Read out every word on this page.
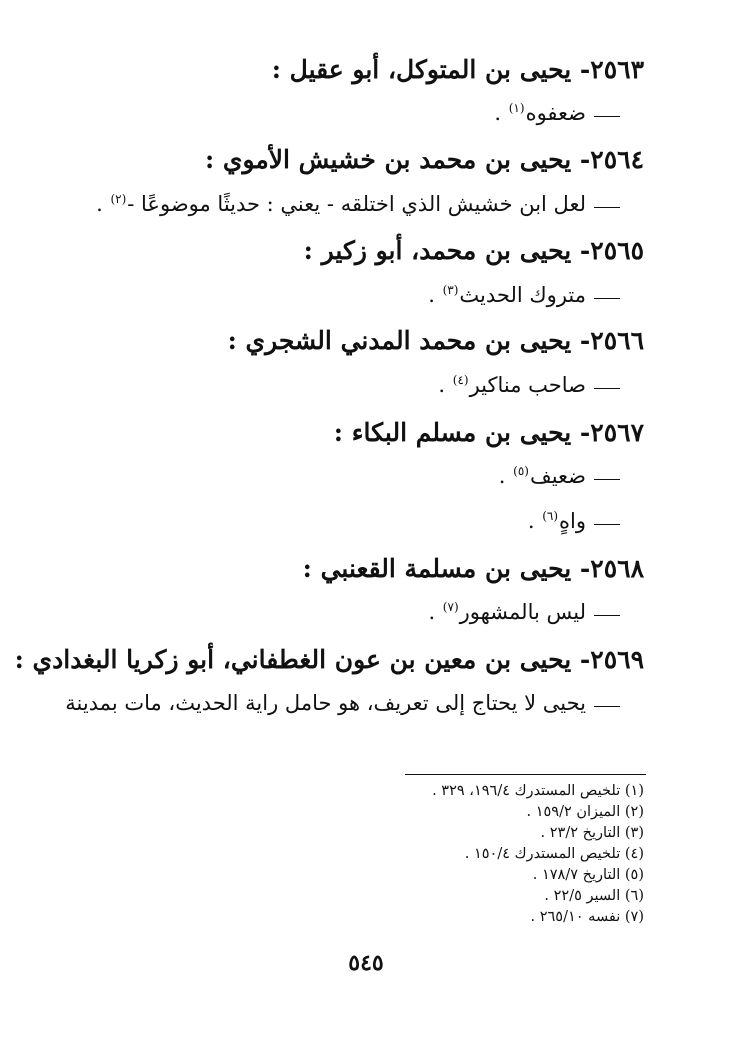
٢٥٦٣- يحيى بن المتوكل، أبو عقيل :
ضعفوه$^{(١)}$ .
٢٥٦٤- يحيى بن محمد بن خشيش الأموي :
لعل ابن خشيش الذي اختلقه - يعني : حديثًا موضوعًا -$^{(٢)}$ .
٢٥٦٥- يحيى بن محمد، أبو زكير :
متروك الحديث$^{(٣)}$ .
٢٥٦٦- يحيى بن محمد المدني الشجري :
صاحب مناكير$^{(٤)}$ .
٢٥٦٧- يحيى بن مسلم البكاء :
ضعيف$^{(٥)}$ .
واهٍ$^{(٦)}$ .
٢٥٦٨- يحيى بن مسلمة القعنبي :
ليس بالمشهور$^{(٧)}$ .
٢٥٦٩- يحيى بن معين بن عون الغطفاني، أبو زكريا البغدادي :
يحيى لا يحتاج إلى تعريف، هو حامل راية الحديث، مات بمدينة
(١) تلخيص المستدرك ١٩٦/٤، ٣٢٩ .
(٢) الميزان ١٥٩/٢ .
(٣) التاريخ ٢٣/٢ .
(٤) تلخيص المستدرك ١٥٠/٤ .
(٥) التاريخ ١٧٨/٧ .
(٦) السير ٢٢/٥ .
(٧) نفسه ٢٦٥/١٠ .
٥٤٥
